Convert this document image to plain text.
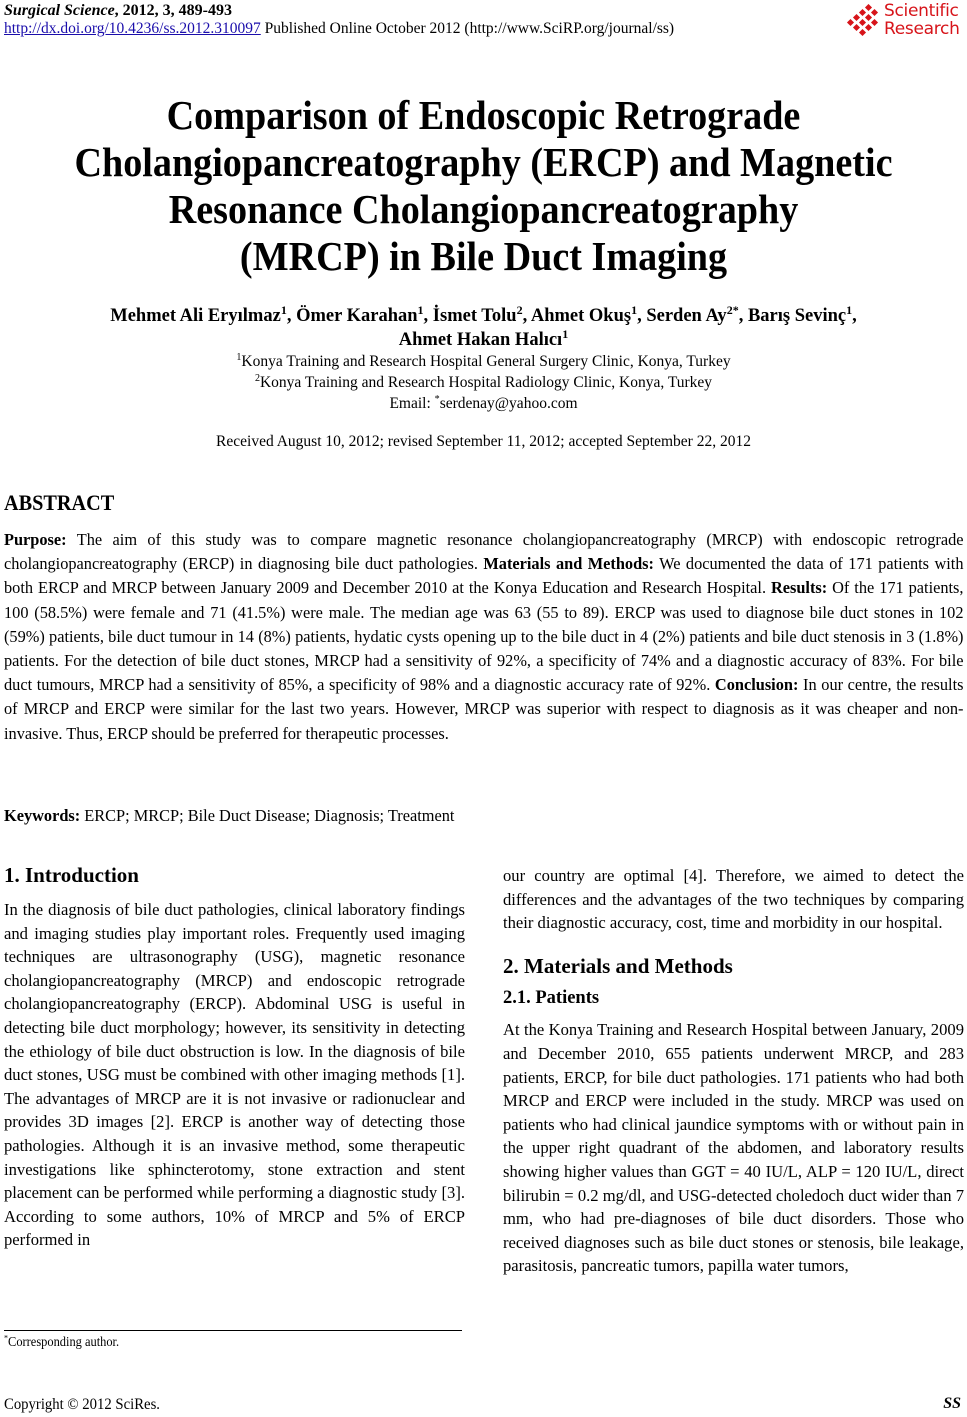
Surgical Science, 2012, 3, 489-493
http://dx.doi.org/10.4236/ss.2012.310097 Published Online October 2012 (http://www.SciRP.org/journal/ss)
Scientific
Research
Comparison of Endoscopic Retrograde
Cholangiopancreatography (ERCP) and Magnetic
Resonance Cholangiopancreatography
(MRCP) in Bile Duct Imaging
Mehmet Ali Eryılmaz$^1$, Ömer Karahan$^1$, İsmet Tolu$^2$, Ahmet Okuş$^1$, Serden $Ay^{2*}$, Barış Sevinç$^1$,
Ahmet Hakan Halıcı$^1$
$^1$Konya Training and Research Hospital General Surgery Clinic, Konya, Turkey
$^2$Konya Training and Research Hospital Radiology Clinic, Konya, Turkey
Email: *serdenay@yahoo.com
Received August 10, 2012; revised September 11, 2012; accepted September 22, 2012
ABSTRACT
Purpose: The aim of this study was to compare magnetic resonance cholangiopancreatography (MRCP) with endoscopic retrograde cholangiopancreatography (ERCP) in diagnosing bile duct pathologies. Materials and Methods: We documented the data of 171 patients with both ERCP and MRCP between January 2009 and December 2010 at the Konya Education and Research Hospital. Results: Of the 171 patients, 100 (58.5%) were female and 71 (41.5%) were male. The median age was 63 (55 to 89). ERCP was used to diagnose bile duct stones in 102 (59%) patients, bile duct tumour in 14 (8%) patients, hydatic cysts opening up to the bile duct in 4 (2%) patients and bile duct stenosis in 3 (1.8%) patients. For the detection of bile duct stones, MRCP had a sensitivity of 92%, a specificity of 74% and a diagnostic accuracy of 83%. For bile duct tumours, MRCP had a sensitivity of 85%, a specificity of 98% and a diagnostic accuracy rate of 92%. Conclusion: In our centre, the results of MRCP and ERCP were similar for the last two years. However, MRCP was superior with respect to diagnosis as it was cheaper and non-invasive. Thus, ERCP should be preferred for therapeutic processes.
Keywords: ERCP; MRCP; Bile Duct Disease; Diagnosis; Treatment
1. Introduction

In the diagnosis of bile duct pathologies, clinical laboratory findings and imaging studies play important roles. Frequently used imaging techniques are ultrasonography (USG), magnetic resonance cholangiopancreatography (MRCP) and endoscopic retrograde cholangiopancreatography (ERCP). Abdominal USG is useful in detecting bile duct morphology; however, its sensitivity in detecting the ethiology of bile duct obstruction is low. In the diagnosis of bile duct stones, USG must be combined with other imaging methods [1]. The advantages of MRCP are it is not invasive or radionuclear and provides 3D images [2]. ERCP is another way of detecting those pathologies. Although it is an invasive method, some therapeutic investigations like sphincterotomy, stone extraction and stent placement can be performed while performing a diagnostic study [3]. According to some authors, 10% of MRCP and 5% of ERCP performed in

our country are optimal [4]. Therefore, we aimed to detect the differences and the advantages of the two techniques by comparing their diagnostic accuracy, cost, time and morbidity in our hospital.

2. Materials and Methods
2.1. Patients

At the Konya Training and Research Hospital between January, 2009 and December 2010, 655 patients underwent MRCP, and 283 patients, ERCP, for bile duct pathologies. 171 patients who had both MRCP and ERCP were included in the study. MRCP was used on patients who had clinical jaundice symptoms with or without pain in the upper right quadrant of the abdomen, and laboratory results showing higher values than GGT = 40 IU/L, ALP = 120 IU/L, direct bilirubin = 0.2 mg/dl, and USG-detected choledoch duct wider than 7 mm, who had pre-diagnoses of bile duct disorders. Those who received diagnoses such as bile duct stones or stenosis, bile leakage, parasitosis, pancreatic tumors, papilla water tumors,

*Corresponding author.
Copyright © 2012 SciRes.	SS
